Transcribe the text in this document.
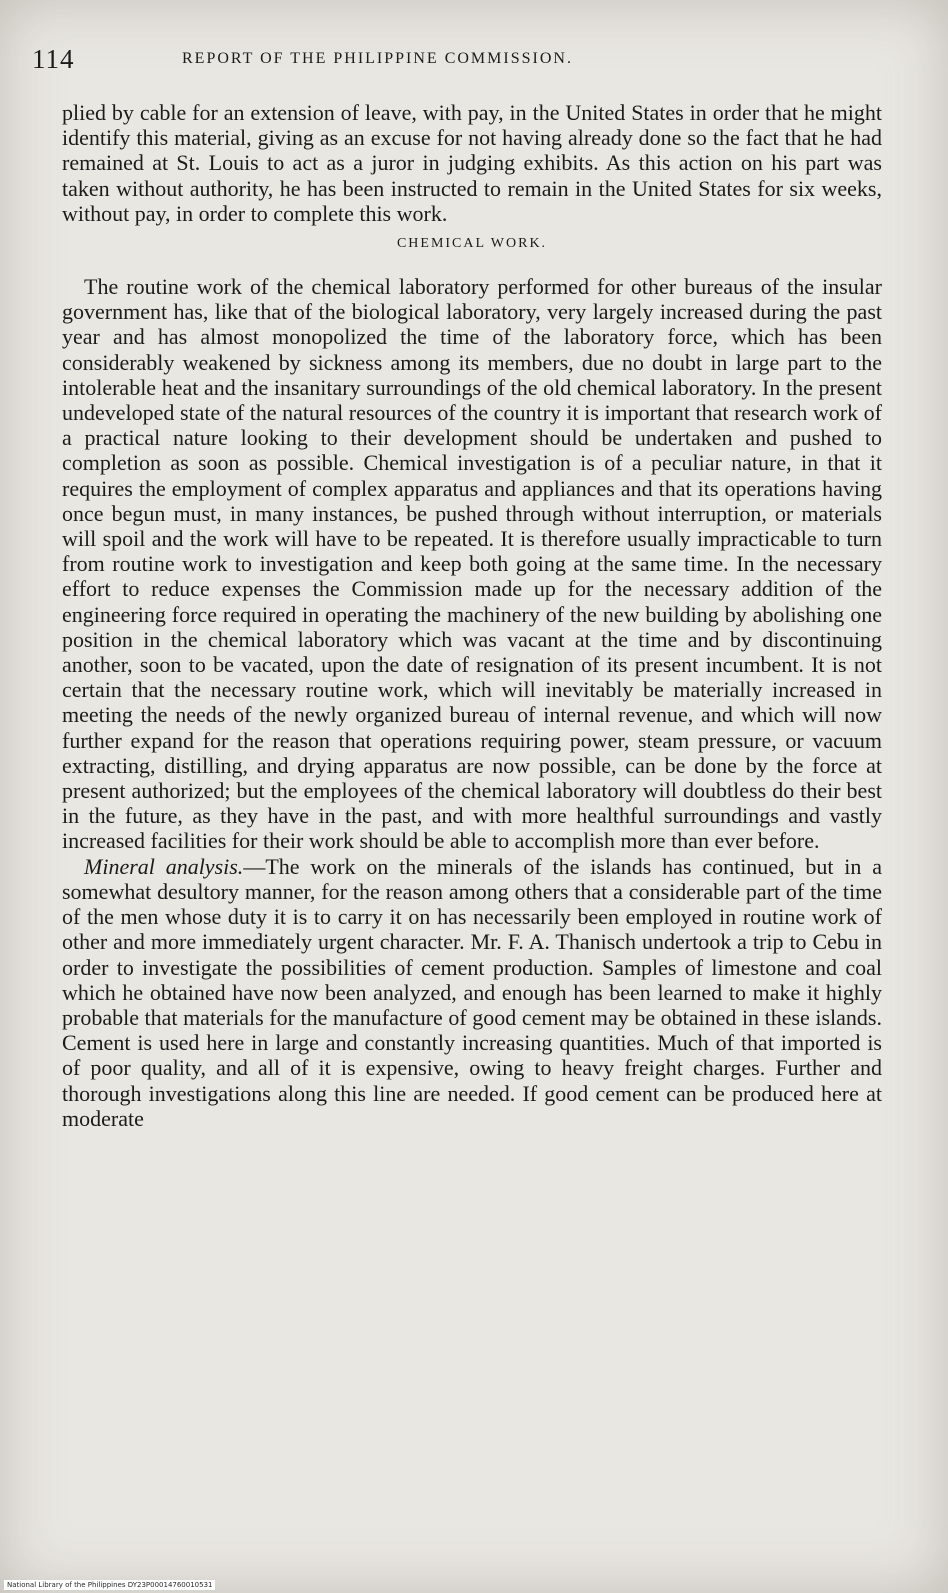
114	REPORT OF THE PHILIPPINE COMMISSION.

plied by cable for an extension of leave, with pay, in the United States in order that he might identify this material, giving as an excuse for not having already done so the fact that he had remained at St. Louis to act as a juror in judging exhibits. As this action on his part was taken without authority, he has been instructed to remain in the United States for six weeks, without pay, in order to complete this work.

CHEMICAL WORK.

The routine work of the chemical laboratory performed for other bureaus of the insular government has, like that of the biological laboratory, very largely increased during the past year and has almost monopolized the time of the laboratory force, which has been considerably weakened by sickness among its members, due no doubt in large part to the intolerable heat and the insanitary surroundings of the old chemical laboratory. In the present undeveloped state of the natural resources of the country it is important that research work of a practical nature looking to their development should be undertaken and pushed to completion as soon as possible. Chemical investigation is of a peculiar nature, in that it requires the employment of complex apparatus and appliances and that its operations having once begun must, in many instances, be pushed through without interruption, or materials will spoil and the work will have to be repeated. It is therefore usually impracticable to turn from routine work to investigation and keep both going at the same time. In the necessary effort to reduce expenses the Commission made up for the necessary addition of the engineering force required in operating the machinery of the new building by abolishing one position in the chemical laboratory which was vacant at the time and by discontinuing another, soon to be vacated, upon the date of resignation of its present incumbent. It is not certain that the necessary routine work, which will inevitably be materially increased in meeting the needs of the newly organized bureau of internal revenue, and which will now further expand for the reason that operations requiring power, steam pressure, or vacuum extracting, distilling, and drying apparatus are now possible, can be done by the force at present authorized; but the employees of the chemical laboratory will doubtless do their best in the future, as they have in the past, and with more healthful surroundings and vastly increased facilities for their work should be able to accomplish more than ever before.

Mineral analysis.—The work on the minerals of the islands has continued, but in a somewhat desultory manner, for the reason among others that a considerable part of the time of the men whose duty it is to carry it on has necessarily been employed in routine work of other and more immediately urgent character. Mr. F. A. Thanisch undertook a trip to Cebu in order to investigate the possibilities of cement production. Samples of limestone and coal which he obtained have now been analyzed, and enough has been learned to make it highly probable that materials for the manufacture of good cement may be obtained in these islands. Cement is used here in large and constantly increasing quantities. Much of that imported is of poor quality, and all of it is expensive, owing to heavy freight charges. Further and thorough investigations along this line are needed. If good cement can be produced here at moderate

National Library of the Philippines DY23P00014760010531
